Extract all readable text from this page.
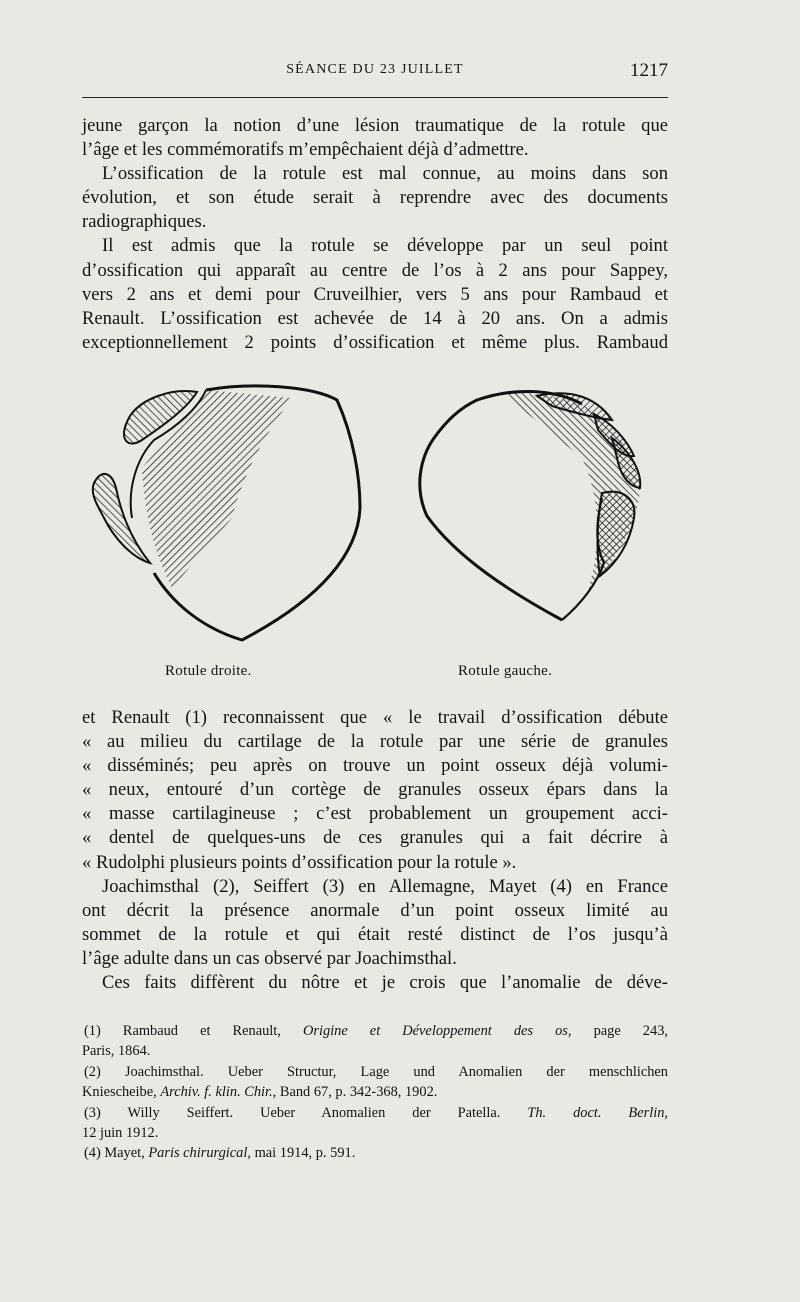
SÉANCE DU 23 JUILLET	1217
jeune garçon la notion d’une lésion traumatique de la rotule que
l’âge et les commémoratifs m’empêchaient déjà d’admettre.
L’ossification de la rotule est mal connue, au moins dans son
évolution, et son étude serait à reprendre avec des documents
radiographiques.
Il est admis que la rotule se développe par un seul point
d’ossification qui apparaît au centre de l’os à 2 ans pour Sappey,
vers 2 ans et demi pour Cruveilhier, vers 5 ans pour Rambaud et
Renault. L’ossification est achevée de 14 à 20 ans. On a admis
exceptionnellement 2 points d’ossification et même plus. Rambaud
Rotule droite.	Rotule gauche.
et Renault (1) reconnaissent que « le travail d’ossification débute
« au milieu du cartilage de la rotule par une série de granules
« disséminés; peu après on trouve un point osseux déjà volumi-
« neux, entouré d’un cortège de granules osseux épars dans la
« masse cartilagineuse ; c’est probablement un groupement acci-
« dentel de quelques-uns de ces granules qui a fait décrire à
« Rudolphi plusieurs points d’ossification pour la rotule ».
Joachimsthal (2), Seiffert (3) en Allemagne, Mayet (4) en France
ont décrit la présence anormale d’un point osseux limité au
sommet de la rotule et qui était resté distinct de l’os jusqu’à
l’âge adulte dans un cas observé par Joachimsthal.
Ces faits diffèrent du nôtre et je crois que l’anomalie de déve-
(1) Rambaud et Renault, Origine et Développement des os, page 243,
Paris, 1864.
(2) Joachimsthal. Ueber Structur, Lage und Anomalien der menschlichen
Kniescheibe, Archiv. f. klin. Chir., Band 67, p. 342-368, 1902.
(3) Willy Seiffert. Ueber Anomalien der Patella. Th. doct. Berlin,
12 juin 1912.
(4) Mayet, Paris chirurgical, mai 1914, p. 591.
